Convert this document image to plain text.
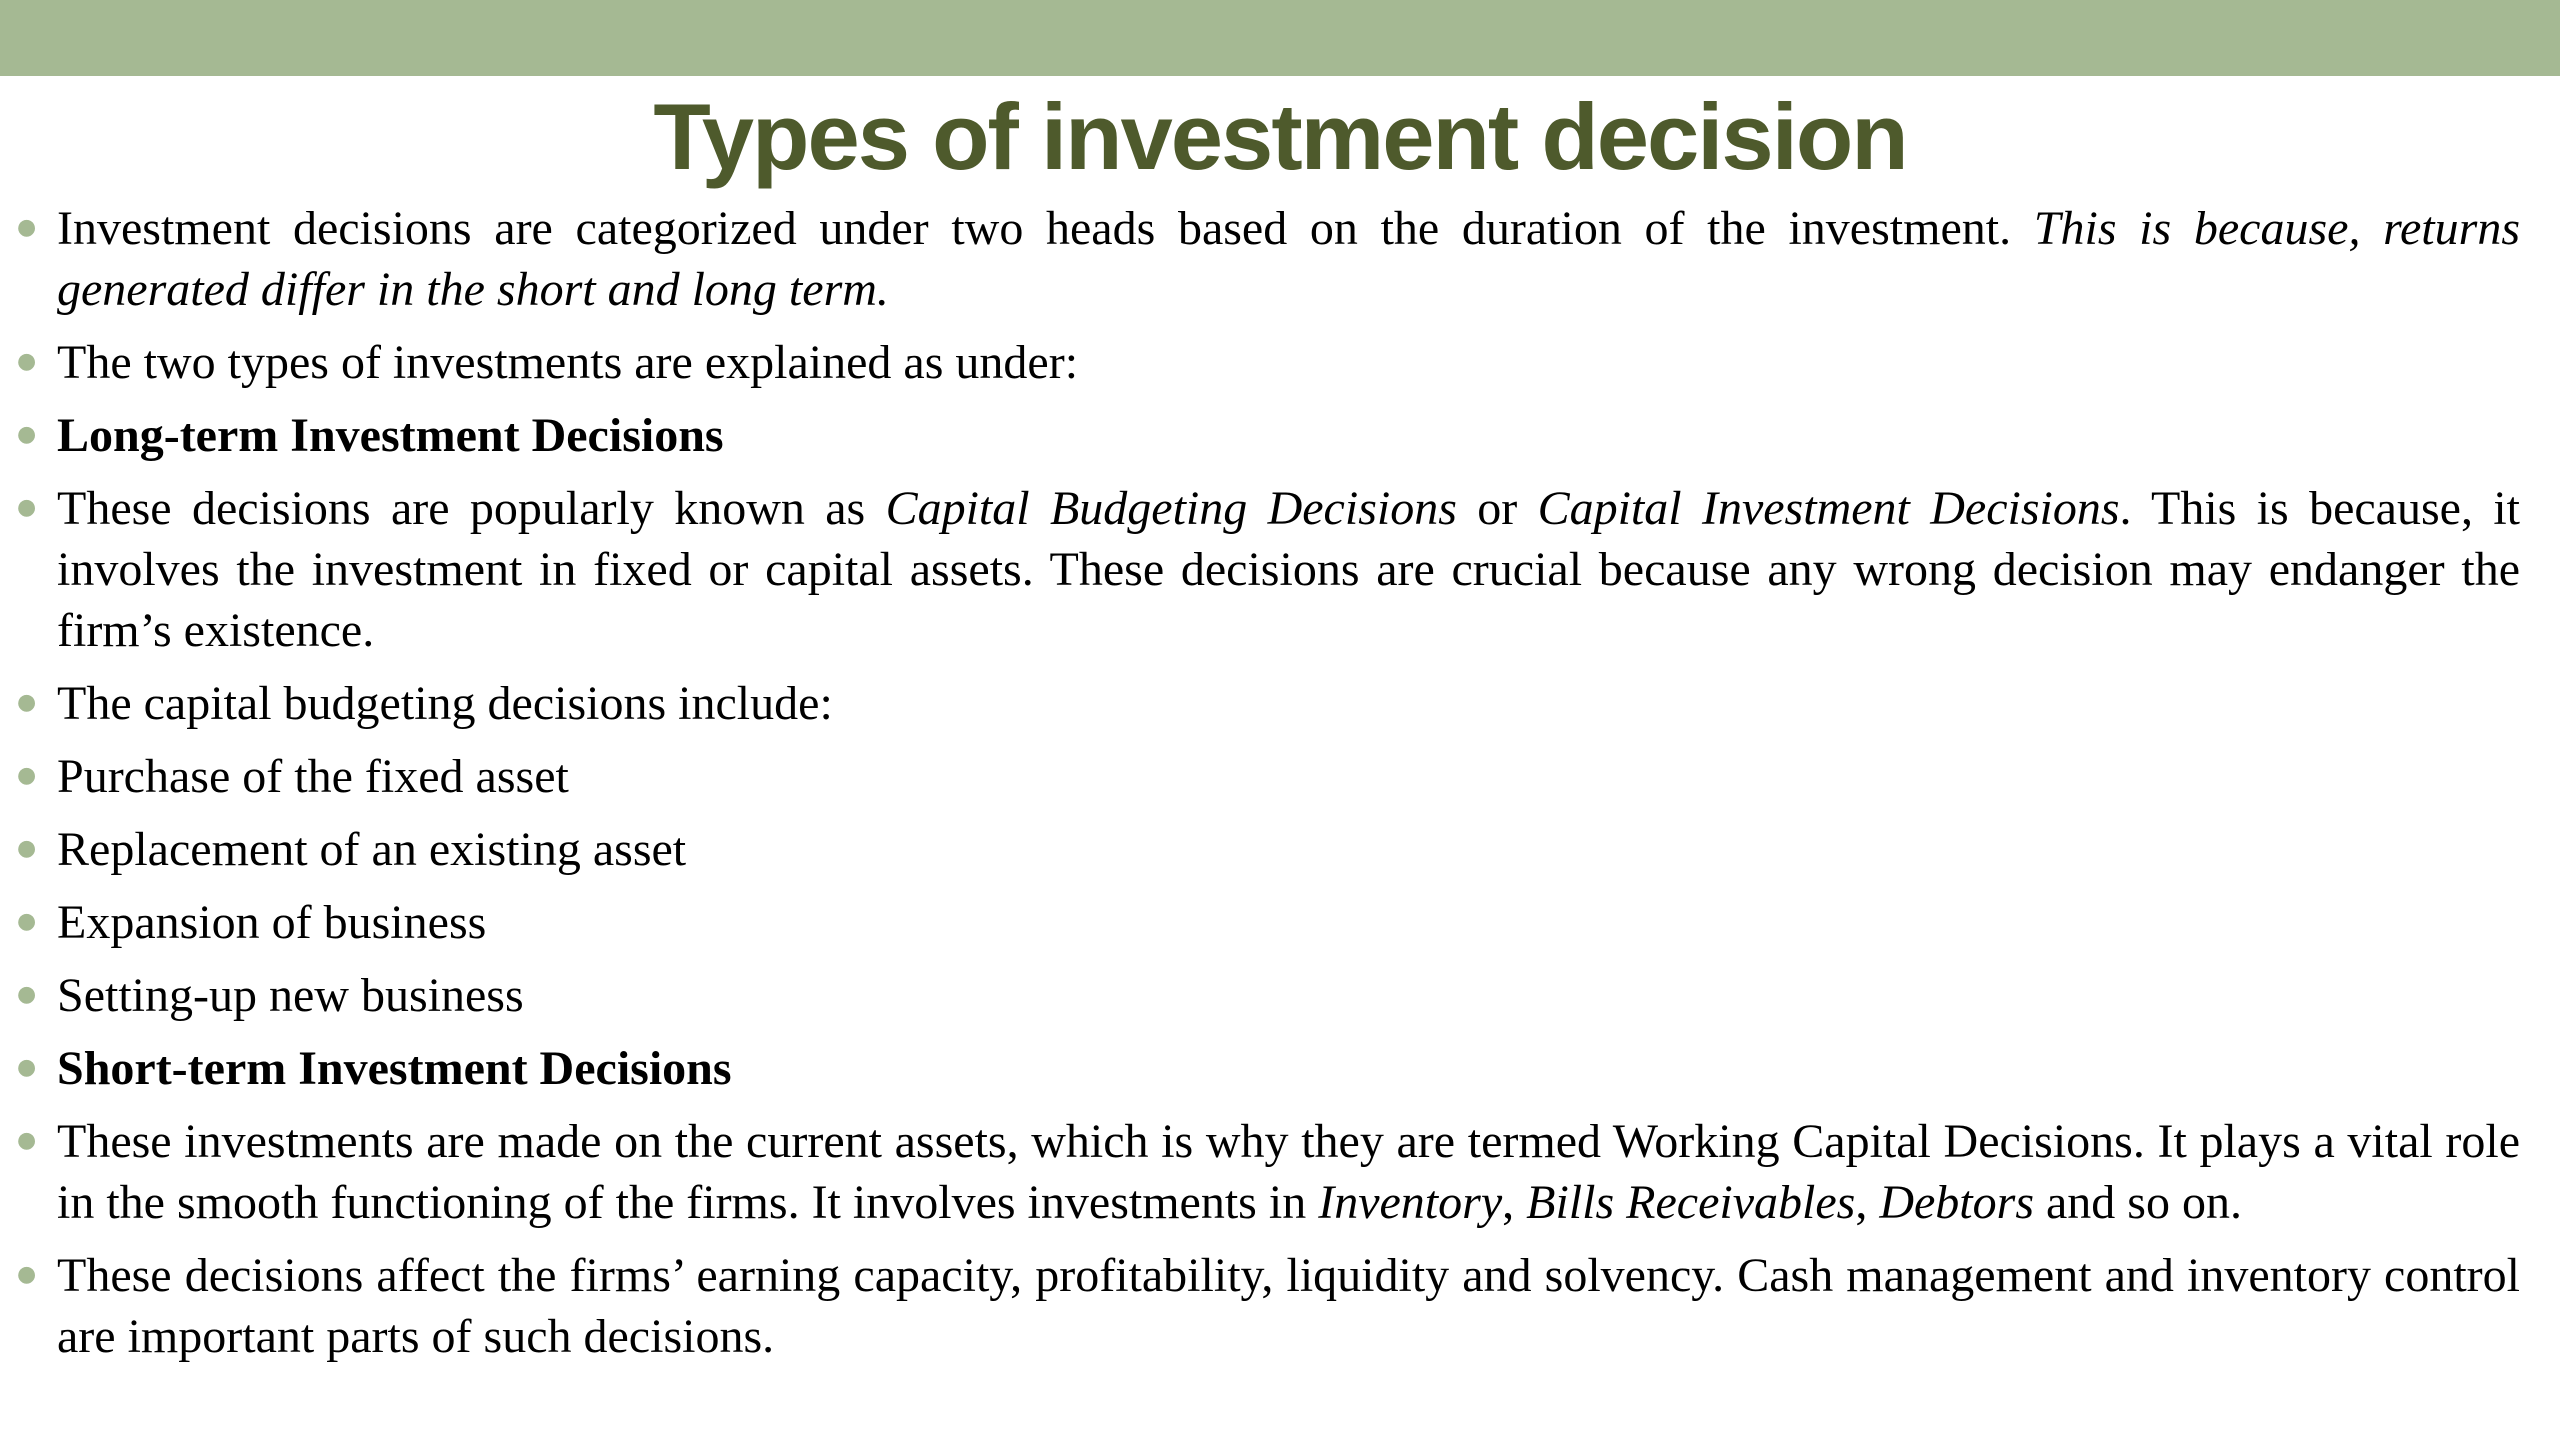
Types of investment decision
● Investment decisions are categorized under two heads based on the duration of the investment. This is because, returns generated differ in the short and long term.
● The two types of investments are explained as under:
● Long-term Investment Decisions
● These decisions are popularly known as Capital Budgeting Decisions or Capital Investment Decisions. This is because, it involves the investment in fixed or capital assets. These decisions are crucial because any wrong decision may endanger the firm’s existence.
● The capital budgeting decisions include:
● Purchase of the fixed asset
● Replacement of an existing asset
● Expansion of business
● Setting-up new business
● Short-term Investment Decisions
● These investments are made on the current assets, which is why they are termed Working Capital Decisions. It plays a vital role in the smooth functioning of the firms. It involves investments in Inventory, Bills Receivables, Debtors and so on.
● These decisions affect the firms’ earning capacity, profitability, liquidity and solvency. Cash management and inventory control are important parts of such decisions.
